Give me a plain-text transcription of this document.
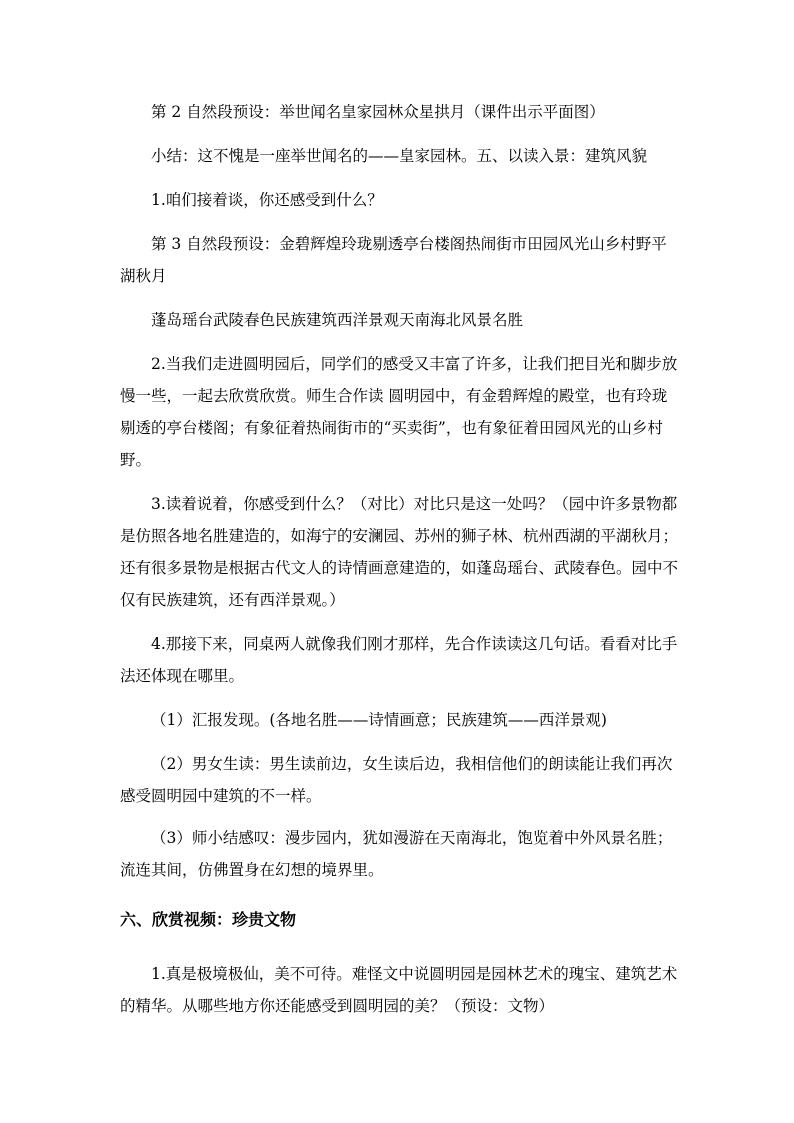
第 2 自然段预设：举世闻名皇家园林众星拱月（课件出示平面图）

小结：这不愧是一座举世闻名的——皇家园林。五、以读入景：建筑风貌

1.咱们接着谈，你还感受到什么？

第 3 自然段预设：金碧辉煌玲珑剔透亭台楼阁热闹街市田园风光山乡村野平湖秋月

蓬岛瑶台武陵春色民族建筑西洋景观天南海北风景名胜

2.当我们走进圆明园后，同学们的感受又丰富了许多，让我们把目光和脚步放慢一些，一起去欣赏欣赏。师生合作读 圆明园中，有金碧辉煌的殿堂，也有玲珑剔透的亭台楼阁；有象征着热闹街市的“买卖街”，也有象征着田园风光的山乡村野。

3.读着说着，你感受到什么？（对比）对比只是这一处吗？（园中许多景物都是仿照各地名胜建造的，如海宁的安澜园、苏州的狮子林、杭州西湖的平湖秋月；还有很多景物是根据古代文人的诗情画意建造的，如蓬岛瑶台、武陵春色。园中不仅有民族建筑，还有西洋景观。）

4.那接下来，同桌两人就像我们刚才那样，先合作读读这几句话。看看对比手法还体现在哪里。

（1）汇报发现。(各地名胜——诗情画意；民族建筑——西洋景观)

（2）男女生读：男生读前边，女生读后边，我相信他们的朗读能让我们再次感受圆明园中建筑的不一样。

（3）师小结感叹：漫步园内，犹如漫游在天南海北，饱览着中外风景名胜；流连其间，仿佛置身在幻想的境界里。

六、欣赏视频：珍贵文物

1.真是极境极仙，美不可待。难怪文中说圆明园是园林艺术的瑰宝、建筑艺术的精华。从哪些地方你还能感受到圆明园的美？（预设：文物）
